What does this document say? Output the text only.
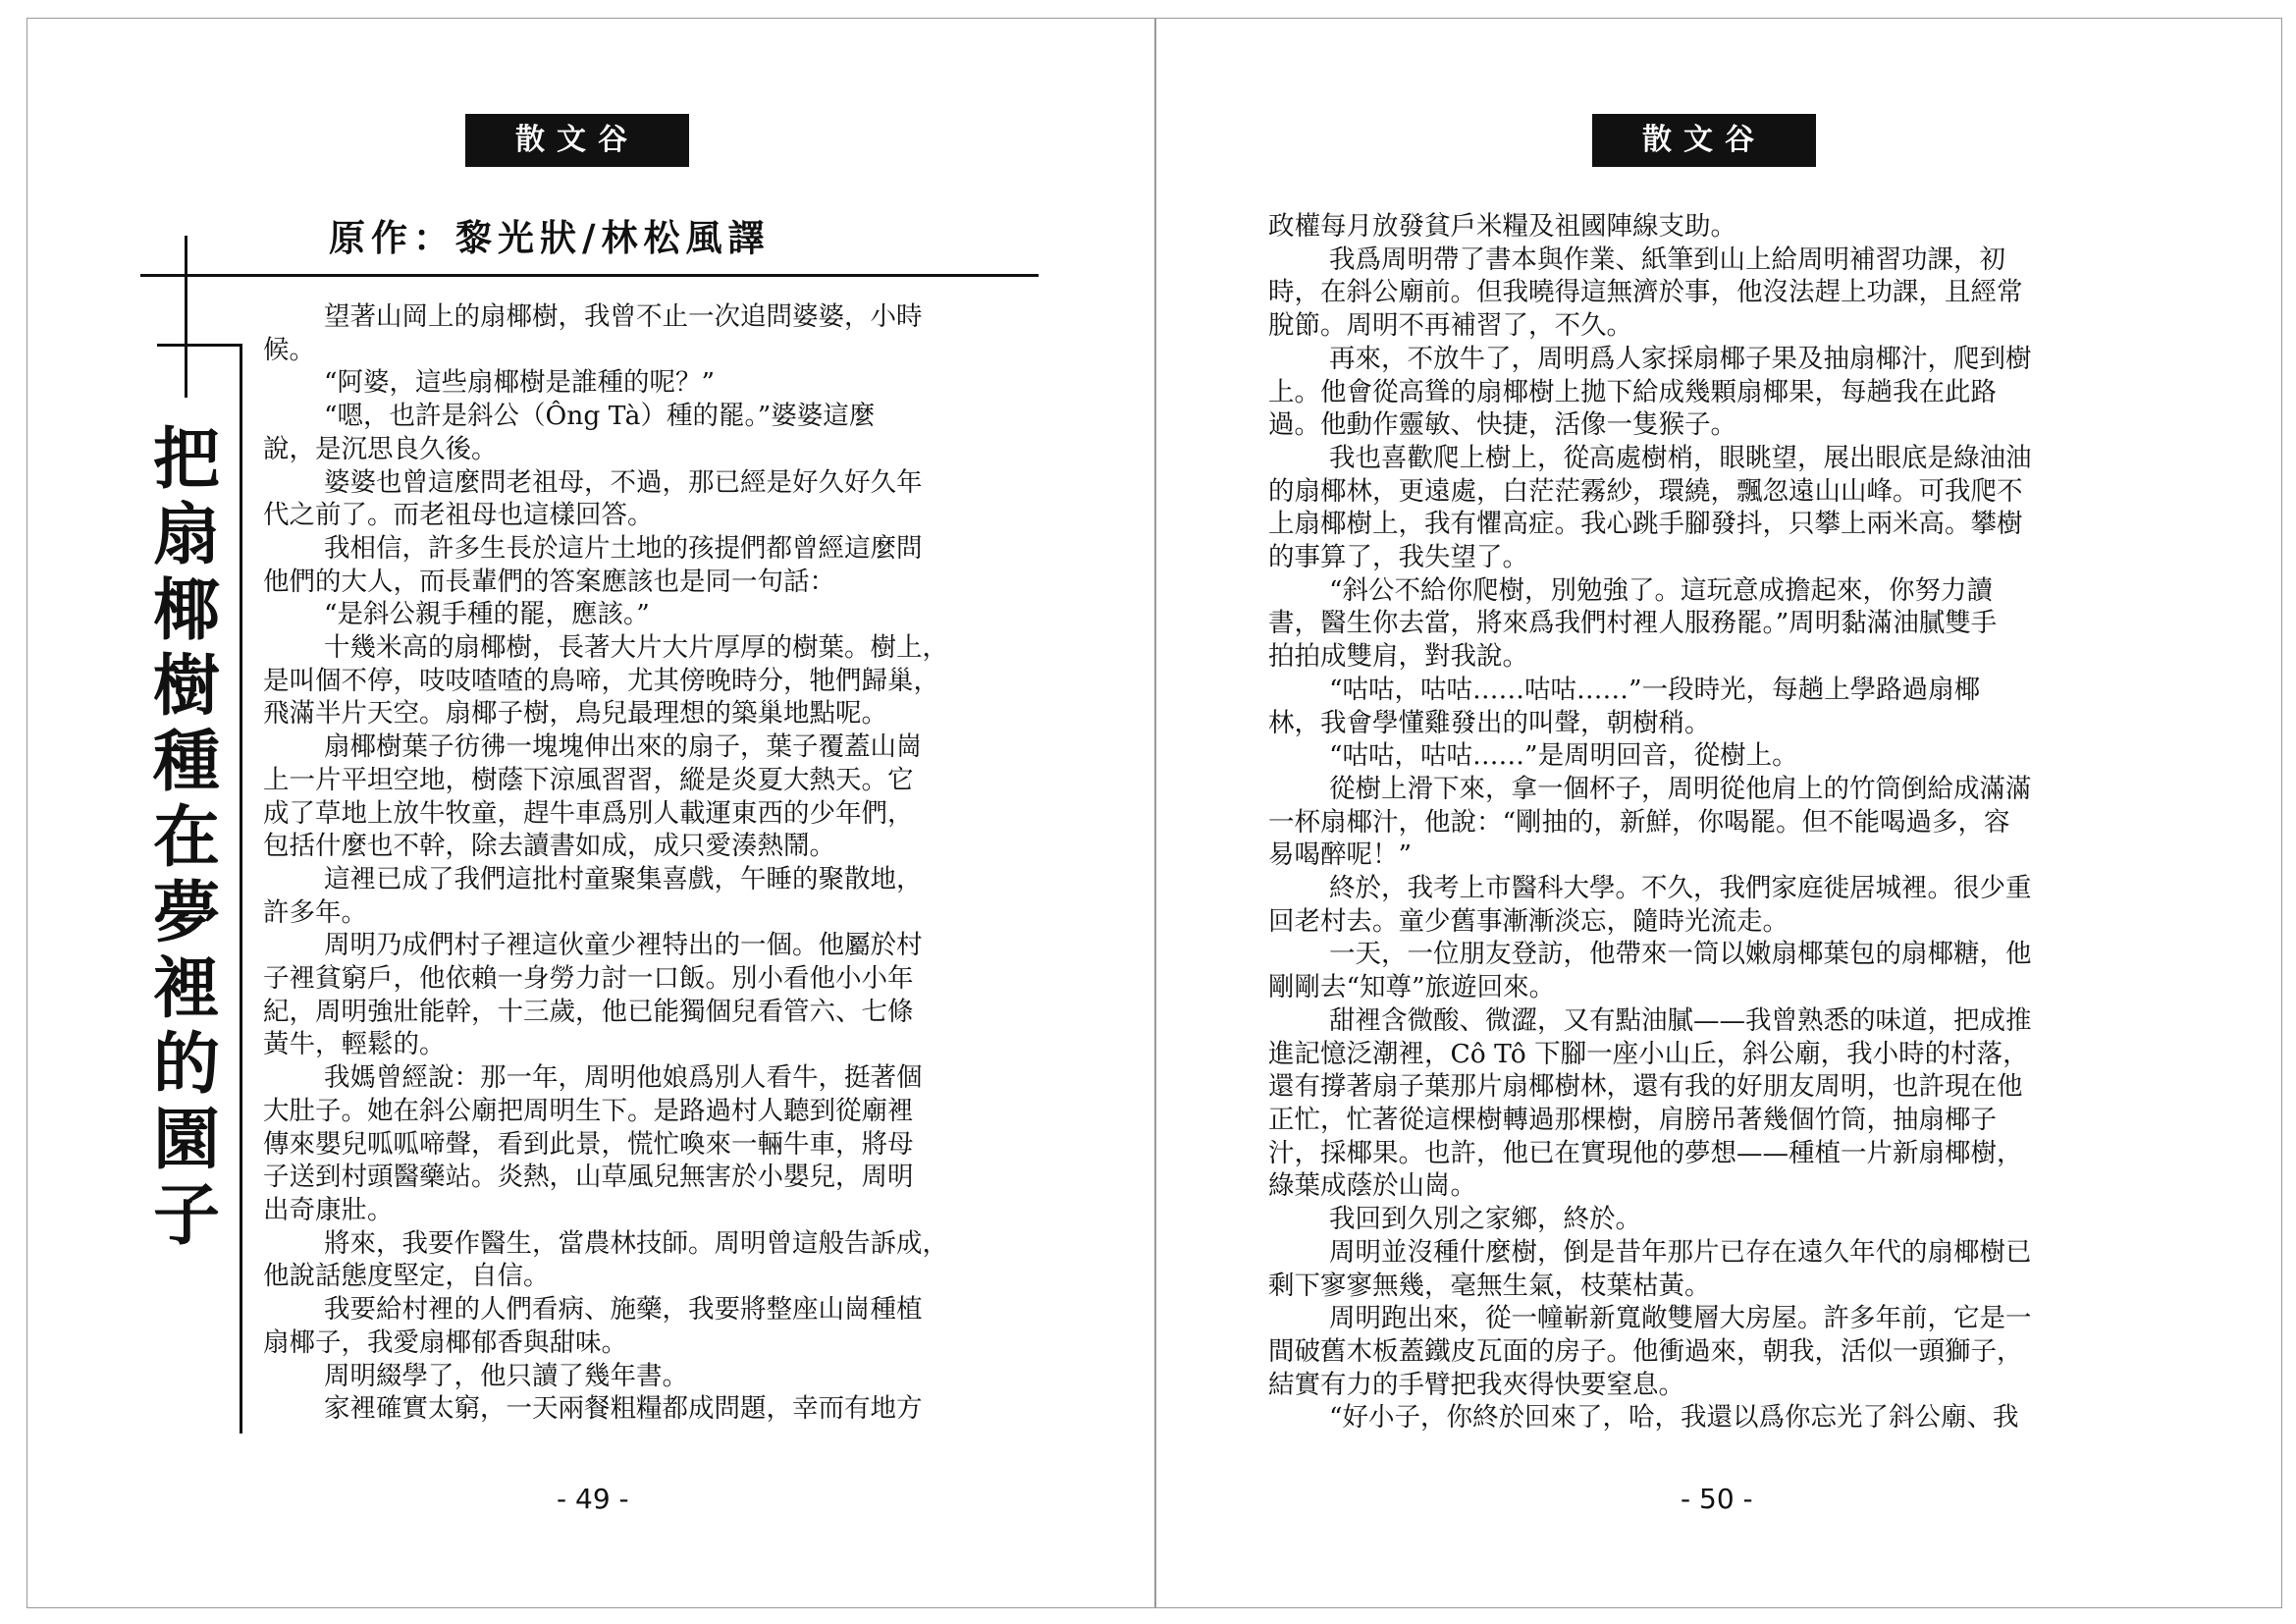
散文谷	散文谷
原作：黎光狀/林松風譯
把
扇
椰
樹
種
在
夢
裡
的
園
子
望著山岡上的扇椰樹，我曾不止一次追問婆婆，小時
候。
“阿婆，這些扇椰樹是誰種的呢？”
“嗯，也許是斜公（Ông Tà）種的罷。”婆婆這麼
說，是沉思良久後。
婆婆也曾這麼問老祖母，不過，那已經是好久好久年
代之前了。而老祖母也這樣回答。
我相信，許多生長於這片土地的孩提們都曾經這麼問
他們的大人，而長輩們的答案應該也是同一句話：
“是斜公親手種的罷，應該。”
十幾米高的扇椰樹，長著大片大片厚厚的樹葉。樹上，
是叫個不停，吱吱喳喳的鳥啼，尤其傍晚時分，牠們歸巢，
飛滿半片天空。扇椰子樹，鳥兒最理想的築巢地點呢。
扇椰樹葉子彷彿一塊塊伸出來的扇子，葉子覆蓋山崗
上一片平坦空地，樹蔭下涼風習習，縱是炎夏大熱天。它
成了草地上放牛牧童，趕牛車爲別人載運東西的少年們，
包括什麼也不幹，除去讀書如成，成只愛湊熱鬧。
這裡已成了我們這批村童聚集喜戲，午睡的聚散地，
許多年。
周明乃成們村子裡這伙童少裡特出的一個。他屬於村
子裡貧窮戶，他依賴一身勞力討一口飯。別小看他小小年
紀，周明強壯能幹，十三歲，他已能獨個兒看管六、七條
黃牛，輕鬆的。
我媽曾經說：那一年，周明他娘爲別人看牛，挺著個
大肚子。她在斜公廟把周明生下。是路過村人聽到從廟裡
傳來嬰兒呱呱啼聲，看到此景，慌忙喚來一輛牛車，將母
子送到村頭醫藥站。炎熱，山草風兒無害於小嬰兒，周明
出奇康壯。
將來，我要作醫生，當農林技師。周明曾這般告訴成，
他說話態度堅定，自信。
我要給村裡的人們看病、施藥，我要將整座山崗種植
扇椰子，我愛扇椰郁香與甜味。
周明綴學了，他只讀了幾年書。
家裡確實太窮，一天兩餐粗糧都成問題，幸而有地方
政權每月放發貧戶米糧及祖國陣線支助。
我爲周明帶了書本與作業、紙筆到山上給周明補習功課，初
時，在斜公廟前。但我曉得這無濟於事，他沒法趕上功課，且經常
脫節。周明不再補習了，不久。
再來，不放牛了，周明爲人家採扇椰子果及抽扇椰汁，爬到樹
上。他會從高聳的扇椰樹上拋下給成幾顆扇椰果，每趟我在此路
過。他動作靈敏、快捷，活像一隻猴子。
我也喜歡爬上樹上，從高處樹梢，眼眺望，展出眼底是綠油油
的扇椰林，更遠處，白茫茫霧紗，環繞，飄忽遠山山峰。可我爬不
上扇椰樹上，我有懼高症。我心跳手腳發抖，只攀上兩米高。攀樹
的事算了，我失望了。
“斜公不給你爬樹，別勉強了。這玩意成擔起來，你努力讀
書，醫生你去當，將來爲我們村裡人服務罷。”周明黏滿油膩雙手
拍拍成雙肩，對我說。
“咕咕，咕咕……咕咕……”一段時光，每趟上學路過扇椰
林，我會學懂雞發出的叫聲，朝樹稍。
“咕咕，咕咕……”是周明回音，從樹上。
從樹上滑下來，拿一個杯子，周明從他肩上的竹筒倒給成滿滿
一杯扇椰汁，他說：“剛抽的，新鮮，你喝罷。但不能喝過多，容
易喝醉呢！”
終於，我考上市醫科大學。不久，我們家庭徙居城裡。很少重
回老村去。童少舊事漸漸淡忘，隨時光流走。
一天，一位朋友登訪，他帶來一筒以嫩扇椰葉包的扇椰糖，他
剛剛去“知尊”旅遊回來。
甜裡含微酸、微澀，又有點油膩——我曾熟悉的味道，把成推
進記憶泛潮裡，Cô Tô 下腳一座小山丘，斜公廟，我小時的村落，
還有撐著扇子葉那片扇椰樹林，還有我的好朋友周明，也許現在他
正忙，忙著從這棵樹轉過那棵樹，肩膀吊著幾個竹筒，抽扇椰子
汁，採椰果。也許，他已在實現他的夢想——種植一片新扇椰樹，
綠葉成蔭於山崗。
我回到久別之家鄉，終於。
周明並沒種什麼樹，倒是昔年那片已存在遠久年代的扇椰樹已
剩下寥寥無幾，毫無生氣，枝葉枯黃。
周明跑出來，從一幢嶄新寬敞雙層大房屋。許多年前，它是一
間破舊木板蓋鐵皮瓦面的房子。他衝過來，朝我，活似一頭獅子，
結實有力的手臂把我夾得快要窒息。
“好小子，你終於回來了，哈，我還以爲你忘光了斜公廟、我
- 49 -	- 50 -
